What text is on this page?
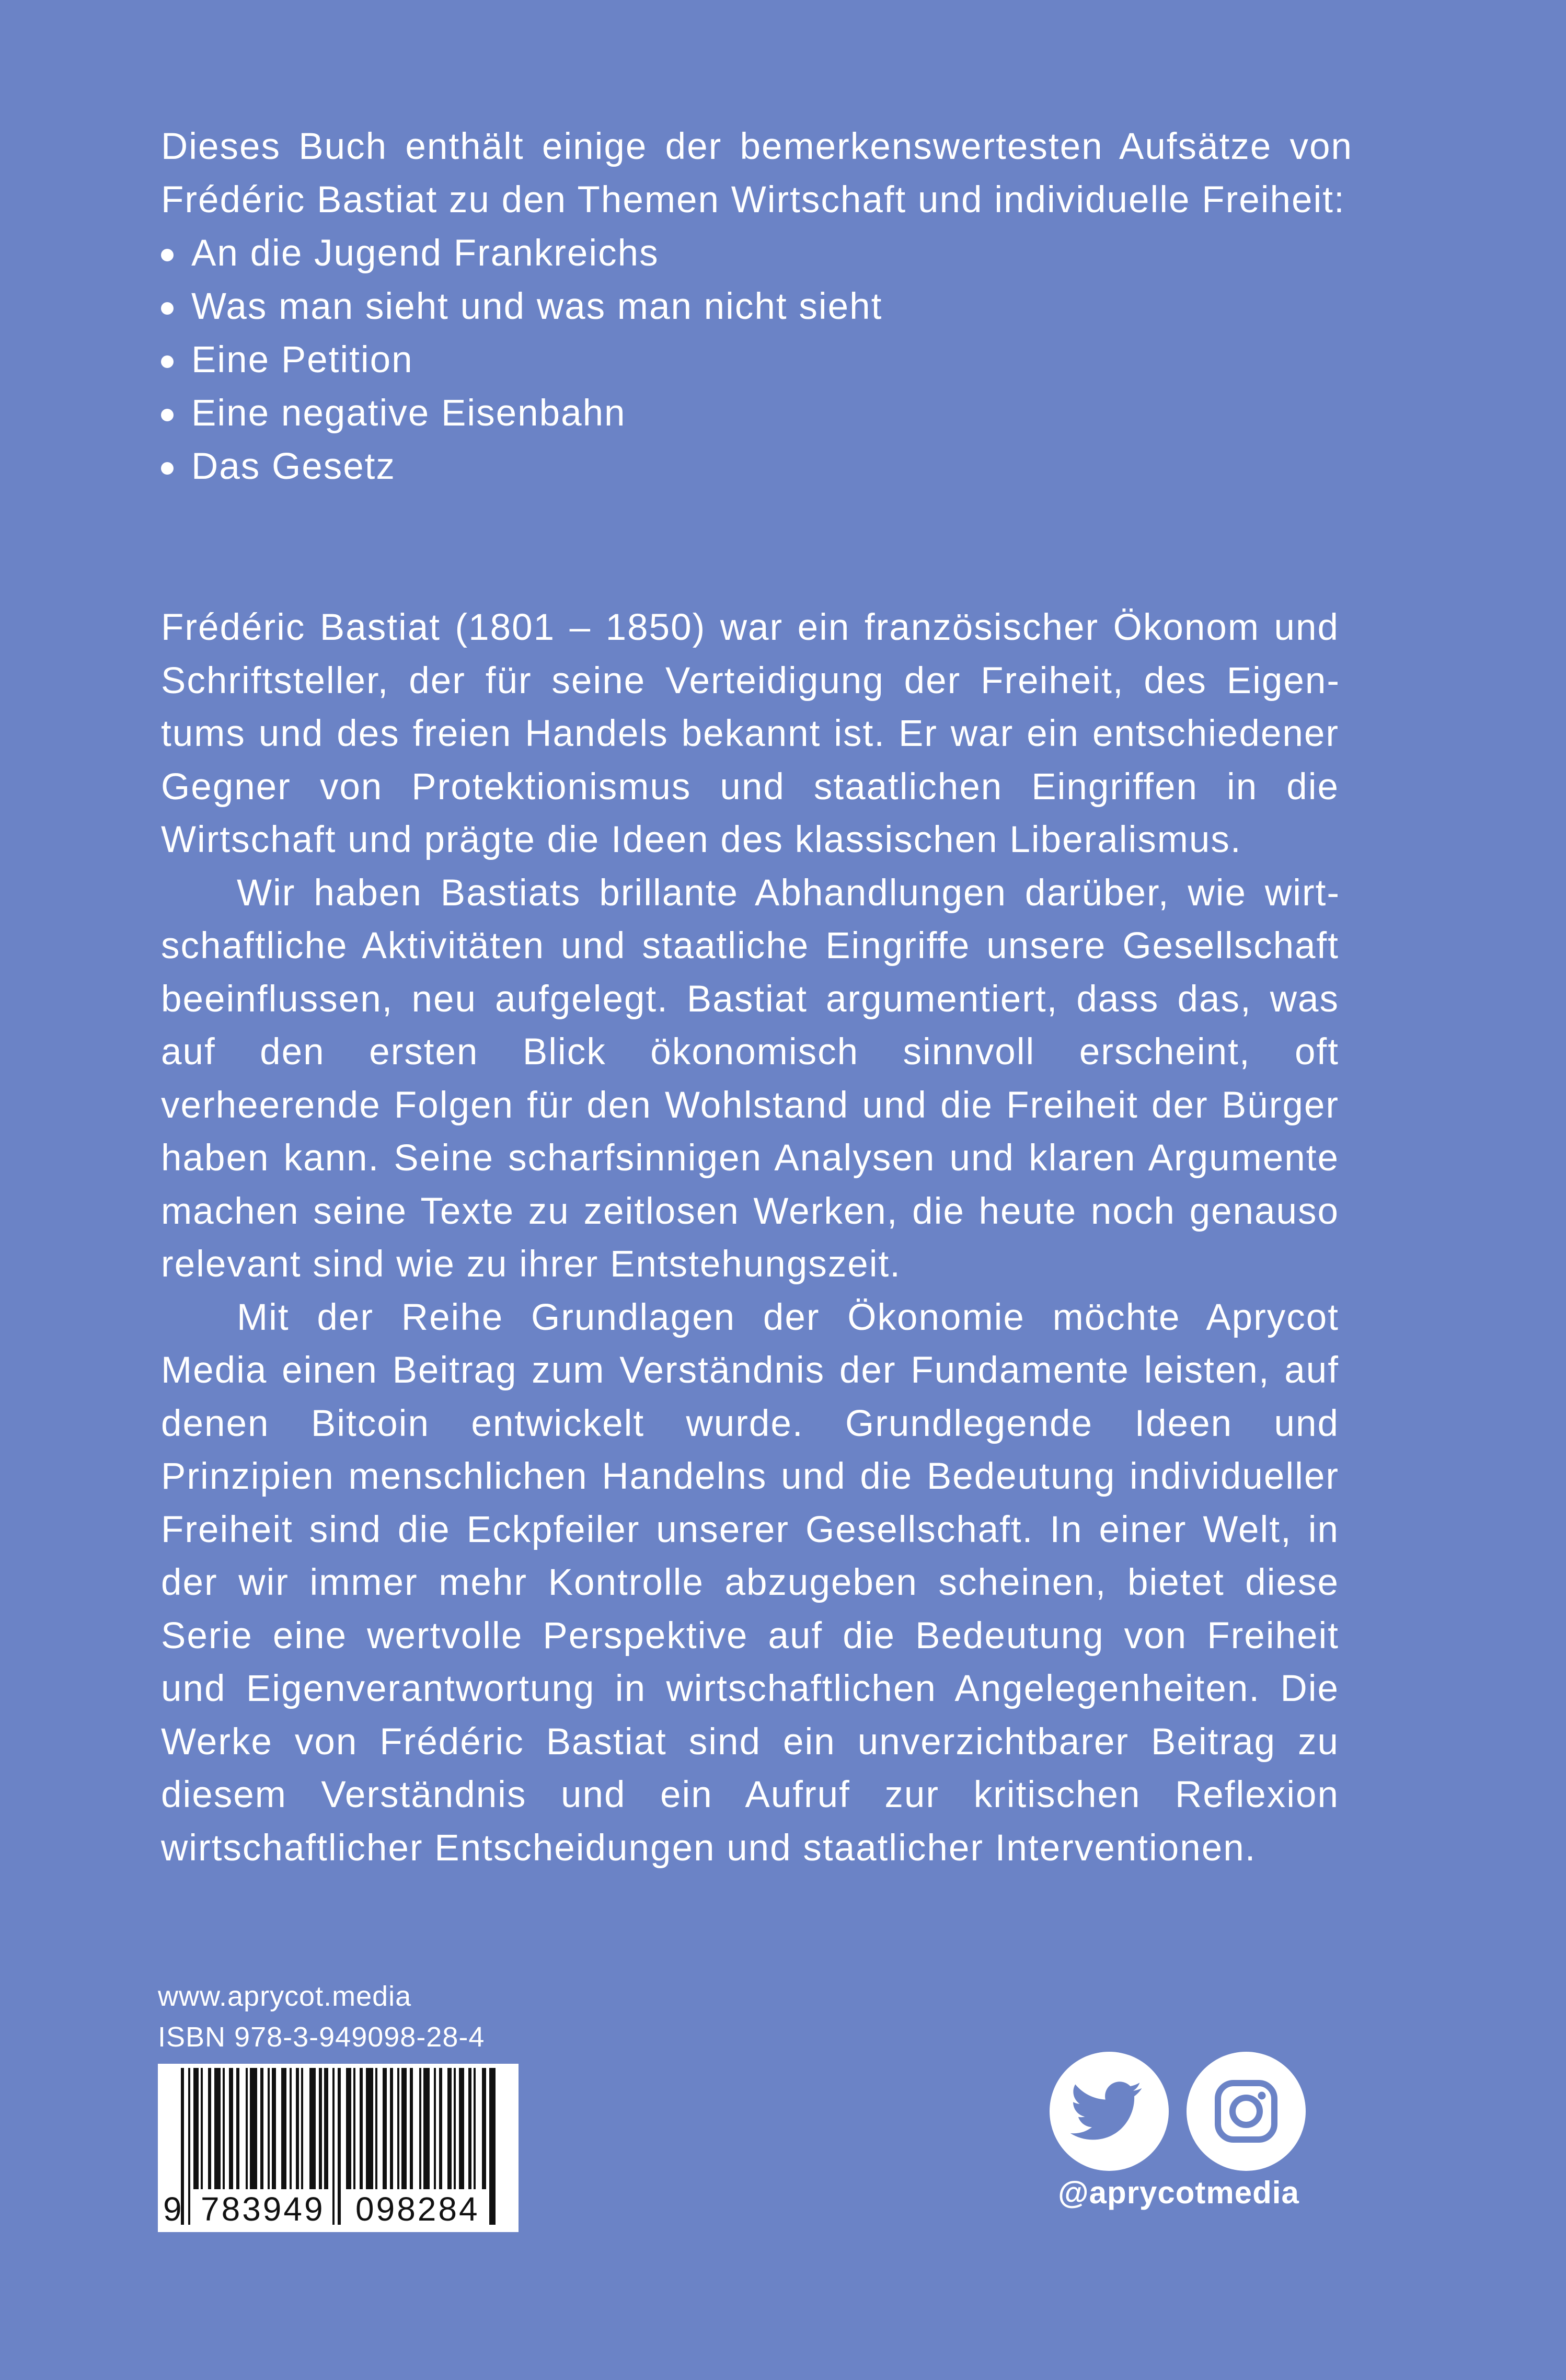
Dieses Buch enthält einige der bemerkenswertesten Aufsätze von Frédéric Bastiat zu den Themen Wirtschaft und individuelle Freiheit:
An die Jugend Frankreichs
Was man sieht und was man nicht sieht
Eine Petition
Eine negative Eisenbahn
Das Gesetz

Frédéric Bastiat (1801 – 1850) war ein französischer Ökonom und Schriftsteller, der für seine Verteidigung der Freiheit, des Eigentums und des freien Handels bekannt ist. Er war ein entschiedener Gegner von Protektionismus und staatlichen Eingriffen in die Wirtschaft und prägte die Ideen des klassischen Liberalismus.

Wir haben Bastiats brillante Abhandlungen darüber, wie wirtschaftliche Aktivitäten und staatliche Eingriffe unsere Gesellschaft beeinflussen, neu aufgelegt. Bastiat argumentiert, dass das, was auf den ersten Blick ökonomisch sinnvoll erscheint, oft verheerende Folgen für den Wohlstand und die Freiheit der Bürger haben kann. Seine scharfsinnigen Analysen und klaren Argumente machen seine Texte zu zeitlosen Werken, die heute noch genauso relevant sind wie zu ihrer Entstehungszeit.

Mit der Reihe Grundlagen der Ökonomie möchte Aprycot Media einen Beitrag zum Verständnis der Fundamente leisten, auf denen Bitcoin entwickelt wurde. Grundlegende Ideen und Prinzipien menschlichen Handelns und die Bedeutung individueller Freiheit sind die Eckpfeiler unserer Gesellschaft. In einer Welt, in der wir immer mehr Kontrolle abzugeben scheinen, bietet diese Serie eine wertvolle Perspektive auf die Bedeutung von Freiheit und Eigenverantwortung in wirtschaftlichen Angelegenheiten. Die Werke von Frédéric Bastiat sind ein unverzichtbarer Beitrag zu diesem Verständnis und ein Aufruf zur kritischen Reflexion wirtschaftlicher Entscheidungen und staatlicher Interventionen.

www.aprycot.media
ISBN 978-3-949098-28-4
9 783949 098284	@aprycotmedia
